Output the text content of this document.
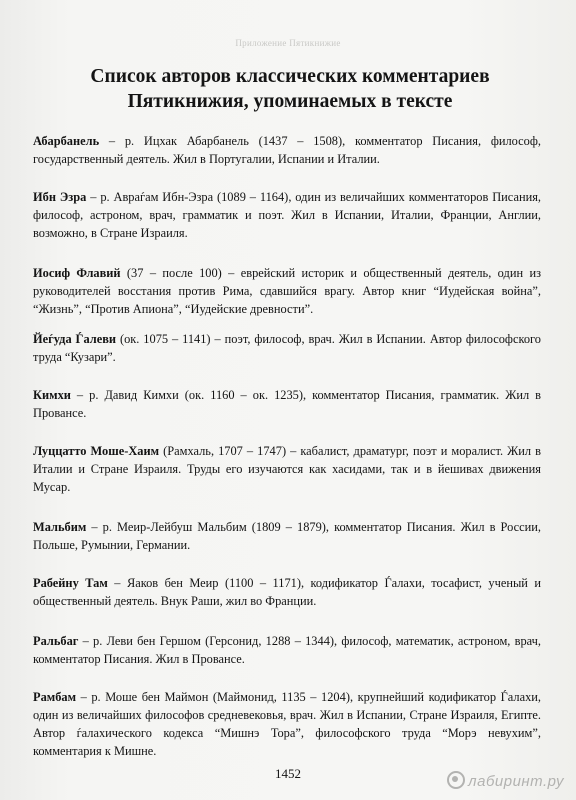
Приложение Пятикнижие
Список авторов классических комментариев
Пятикнижия, упоминаемых в тексте

Абарбанель – р. Ицхак Абарбанель (1437 – 1508), комментатор Писания, философ, государственный деятель. Жил в Португалии, Испании и Италии.

Ибн Эзра – р. Авраѓам Ибн-Эзра (1089 – 1164), один из величайших комментаторов Писания, философ, астроном, врач, грамматик и поэт. Жил в Испании, Италии, Франции, Англии, возможно, в Стране Израиля.

Иосиф Флавий (37 – после 100) – еврейский историк и общественный деятель, один из руководителей восстания против Рима, сдавшийся врагу. Автор книг “Иудейская война”, “Жизнь”, “Против Апиона”, “Иудейские древности”.

Йеѓуда Ѓалеви (ок. 1075 – 1141) – поэт, философ, врач. Жил в Испании. Автор философского труда “Кузари”.

Кимхи – р. Давид Кимхи (ок. 1160 – ок. 1235), комментатор Писания, грамматик. Жил в Провансе.

Луццатто Моше-Хаим (Рамхаль, 1707 – 1747) – кабалист, драматург, поэт и моралист. Жил в Италии и Стране Израиля. Труды его изучаются как хасидами, так и в йешивах движения Мусар.

Мальбим – р. Меир-Лейбуш Мальбим (1809 – 1879), комментатор Писания. Жил в России, Польше, Румынии, Германии.

Рабейну Там – Яаков бен Меир (1100 – 1171), кодификатор Ѓалахи, тосафист, ученый и общественный деятель. Внук Раши, жил во Франции.

Ральбаг – р. Леви бен Гершом (Герсонид, 1288 – 1344), философ, математик, астроном, врач, комментатор Писания. Жил в Провансе.

Рамбам – р. Моше бен Маймон (Маймонид, 1135 – 1204), крупнейший кодификатор Ѓалахи, один из величайших философов средневековья, врач. Жил в Испании, Стране Израиля, Египте. Автор ѓалахического кодекса “Мишнэ Тора”, философского труда “Морэ невухим”, комментария к Мишне.

1452	лабиринт.ру
